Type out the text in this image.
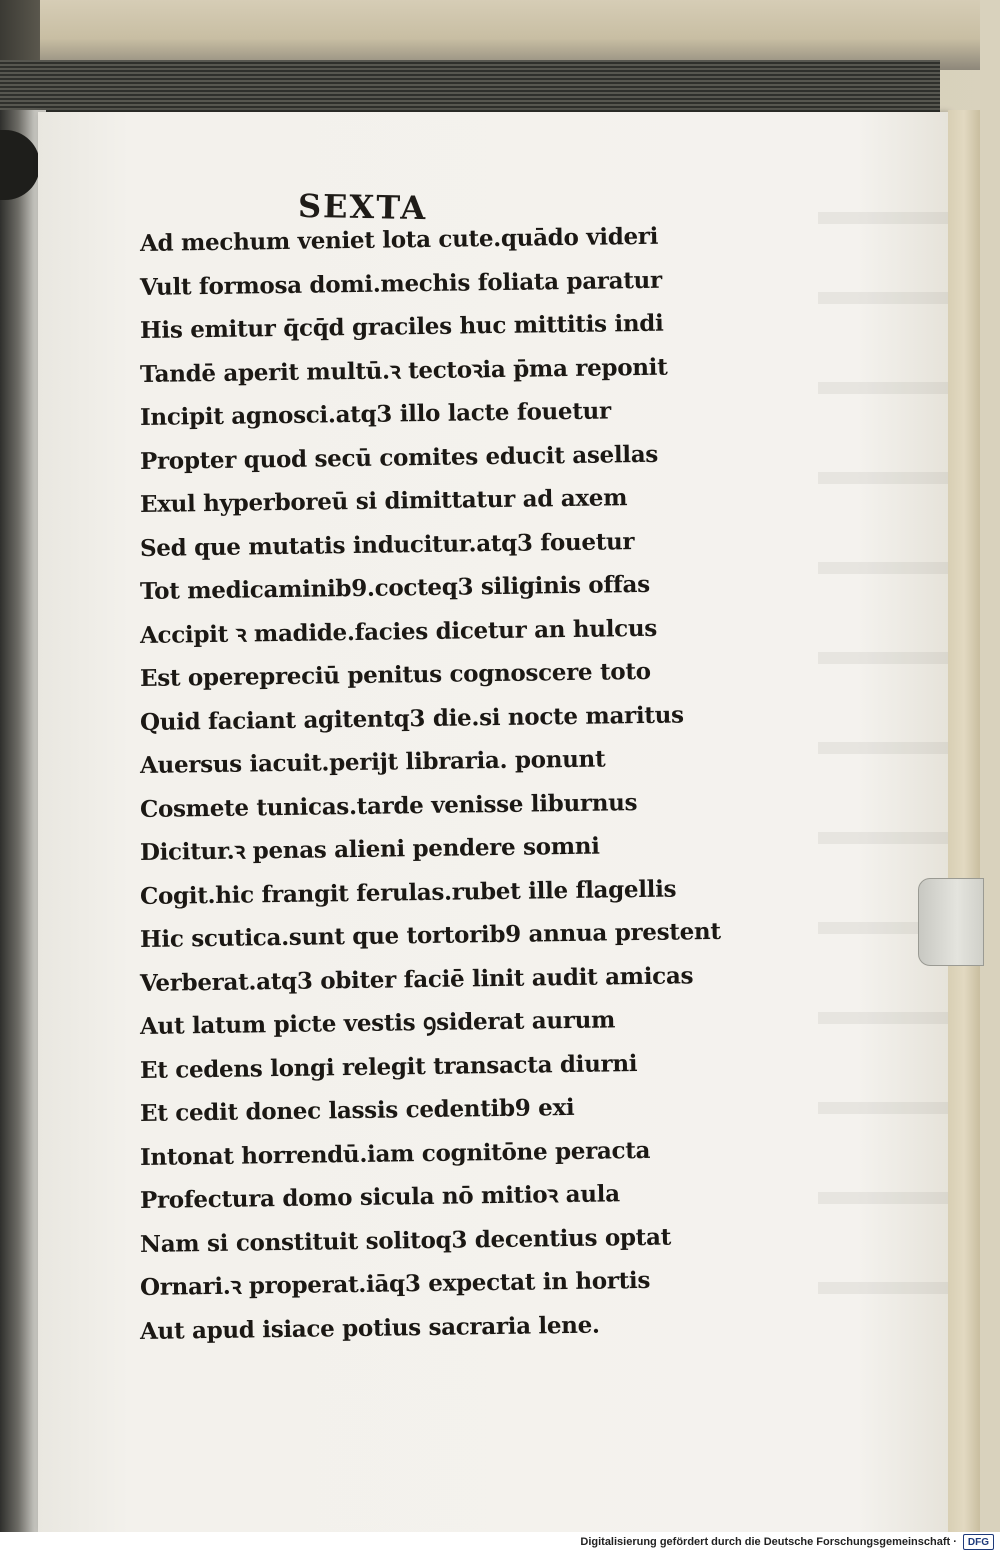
SEXTA
Ad mechum veniet lota cute.quādo videri
Vult formosa domi.mechis foliata paratur
His emitur q̄cq̄d graciles huc mittitis indi
Tandē aperit multū.ꝛ tectoꝛia p̄ma reponit
Incipit agnosci.atq3 illo lacte fouetur
Propter quod secū comites educit asellas
Exul hyperboreū si dimittatur ad axem
Sed que mutatis inducitur.atq3 fouetur
Tot medicaminib9.cocteq3 siliginis offas
Accipit ꝛ madide.facies dicetur an hulcus
Est operepreciū penitus cognoscere toto
Quid faciant agitentq3 die.si nocte maritus
Auersus iacuit.perijt libraria. ponunt
Cosmete tunicas.tarde venisse liburnus
Dicitur.ꝛ penas alieni pendere somni
Cogit.hic frangit ferulas.rubet ille flagellis
Hic scutica.sunt que tortorib9 annua prestent
Verberat.atq3 obiter faciē linit audit amicas
Aut latum picte vestis ꝯsiderat aurum
Et cedens longi relegit transacta diurni
Et cedit donec lassis cedentib9 exi
Intonat horrendū.iam cognitōne peracta
Profectura domo sicula nō mitioꝛ aula
Nam si constituit solitoq3 decentius optat
Ornari.ꝛ properat.iāq3 expectat in hortis
Aut apud isiace potius sacraria lene.
Digitalisierung gefördert durch die Deutsche Forschungsgemeinschaft ·	DFG
